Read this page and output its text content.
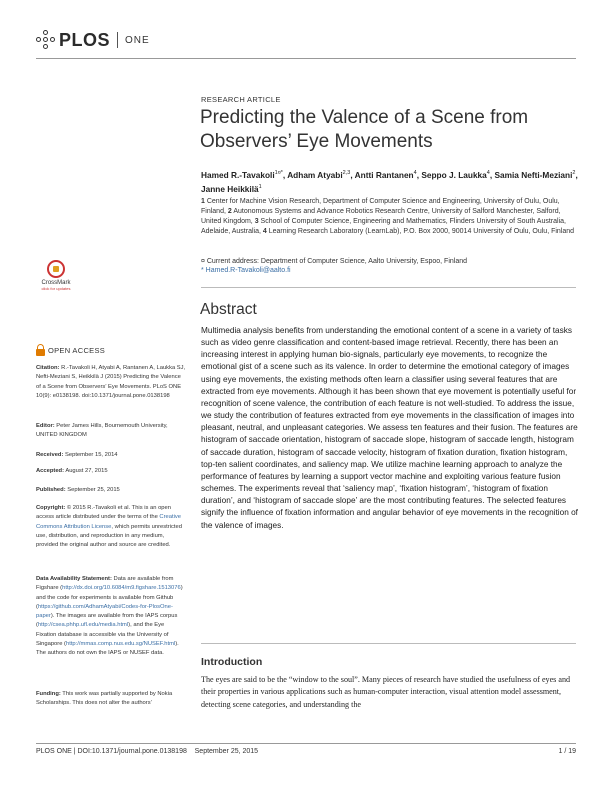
PLOS ONE
RESEARCH ARTICLE
Predicting the Valence of a Scene from Observers’ Eye Movements
Hamed R.-Tavakoli$^{1¤*}$, Adham Atyabi$^{2,3}$, Antti Rantanen$^4$, Seppo J. Laukka$^4$, Samia Nefti-Meziani$^2$, Janne Heikkilä$^1$
1 Center for Machine Vision Research, Department of Computer Science and Engineering, University of Oulu, Oulu, Finland, 2 Autonomous Systems and Advance Robotics Research Centre, University of Salford Manchester, Salford, United Kingdom, 3 School of Computer Science, Engineering and Mathematics, Flinders University of South Australia, Adelaide, Australia, 4 Learning Research Laboratory (LearnLab), P.O. Box 2000, 90014 University of Oulu, Oulu, Finland
¤ Current address: Department of Computer Science, Aalto University, Espoo, Finland
* Hamed.R-Tavakoli@aalto.fi
Abstract
Multimedia analysis benefits from understanding the emotional content of a scene in a variety of tasks such as video genre classification and content-based image retrieval. Recently, there has been an increasing interest in applying human bio-signals, particularly eye movements, to recognize the emotional gist of a scene such as its valence. In order to determine the emotional category of images using eye movements, the existing methods often learn a classifier using several features that are extracted from eye movements. Although it has been shown that eye movement is potentially useful for recognition of scene valence, the contribution of each feature is not well-studied. To address the issue, we study the contribution of features extracted from eye movements in the classification of images into pleasant, neutral, and unpleasant categories. We assess ten features and their fusion. The features are histogram of saccade orientation, histogram of saccade slope, histogram of saccade length, histogram of saccade duration, histogram of saccade velocity, histogram of fixation duration, fixation histogram, top-ten salient coordinates, and saliency map. We utilize machine learning approach to analyze the performance of features by learning a support vector machine and exploiting various feature fusion schemes. The experiments reveal that ‘saliency map’, ‘fixation histogram’, ‘histogram of fixation duration’, and ‘histogram of saccade slope’ are the most contributing features. The selected features signify the influence of fixation information and angular behavior of eye movements in the recognition of the valence of images.
Introduction
The eyes are said to be the “window to the soul”. Many pieces of research have studied the usefulness of eyes and their properties in various applications such as human-computer interaction, visual attention model assessment, detecting scene categories, and understanding the
CrossMark
click for updates
OPEN ACCESS
Citation: R.-Tavakoli H, Atyabi A, Rantanen A, Laukka SJ, Nefti-Meziani S, Heikkilä J (2015) Predicting the Valence of a Scene from Observers’ Eye Movements. PLoS ONE 10(9): e0138198. doi:10.1371/journal.pone.0138198
Editor: Peter James Hills, Bournemouth University, UNITED KINGDOM
Received: September 15, 2014
Accepted: August 27, 2015
Published: September 25, 2015
Copyright: © 2015 R.-Tavakoli et al. This is an open access article distributed under the terms of the Creative Commons Attribution License, which permits unrestricted use, distribution, and reproduction in any medium, provided the original author and source are credited.
Data Availability Statement: Data are available from Figshare (http://dx.doi.org/10.6084/m9.figshare.1513076) and the code for experiments is available from Github (https://github.com/AdhamAtyabi/Codes-for-PlosOne-paper). The images are available from the IAPS corpus (http://csea.phhp.ufl.edu/media.html), and the Eye Fixation database is accessible via the University of Singapore (http://mmas.comp.nus.edu.sg/NUSEF.html). The authors do not own the IAPS or NUSEF data.
Funding: This work was partially supported by Nokia Scholarships. This does not alter the authors’
PLOS ONE | DOI:10.1371/journal.pone.0138198    September 25, 2015	1 / 19
